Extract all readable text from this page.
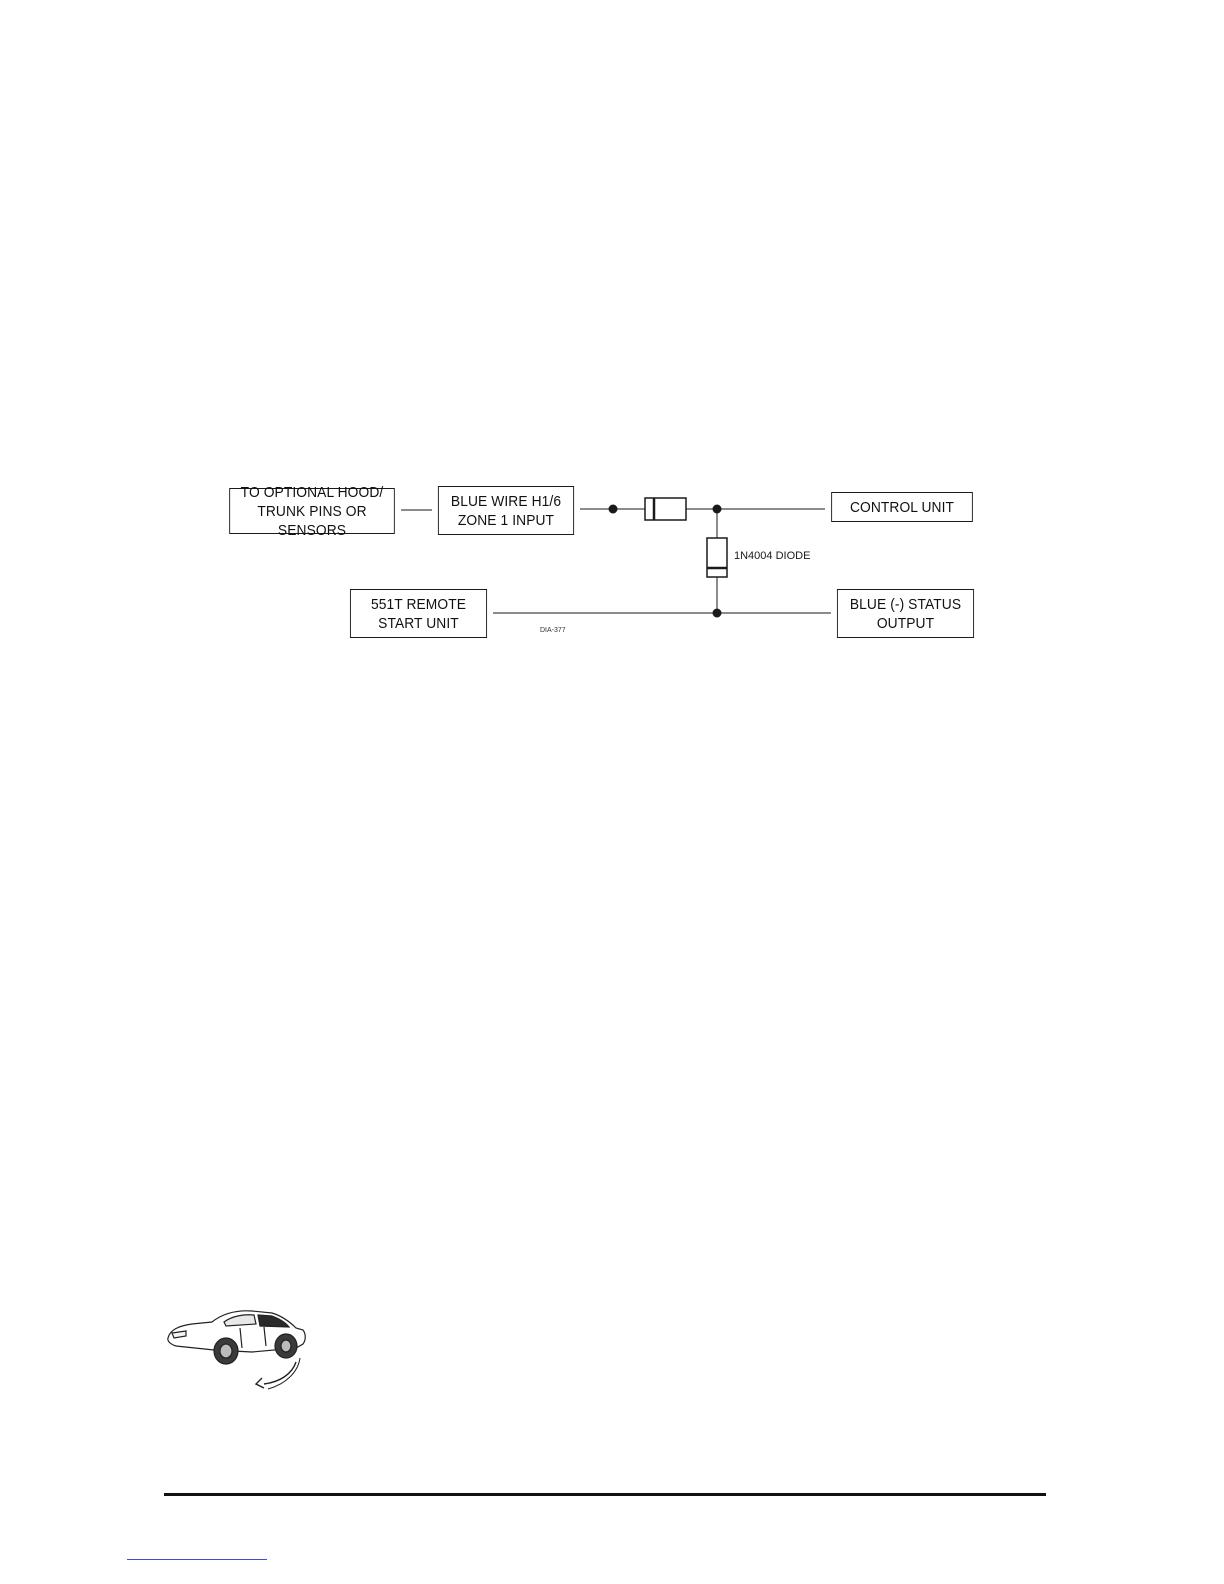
TO OPTIONAL HOOD/
TRUNK PINS OR SENSORS
BLUE WIRE H1/6
ZONE 1 INPUT
CONTROL UNIT
551T REMOTE
START UNIT
BLUE (-) STATUS
OUTPUT
1N4004 DIODE
DIA-377
